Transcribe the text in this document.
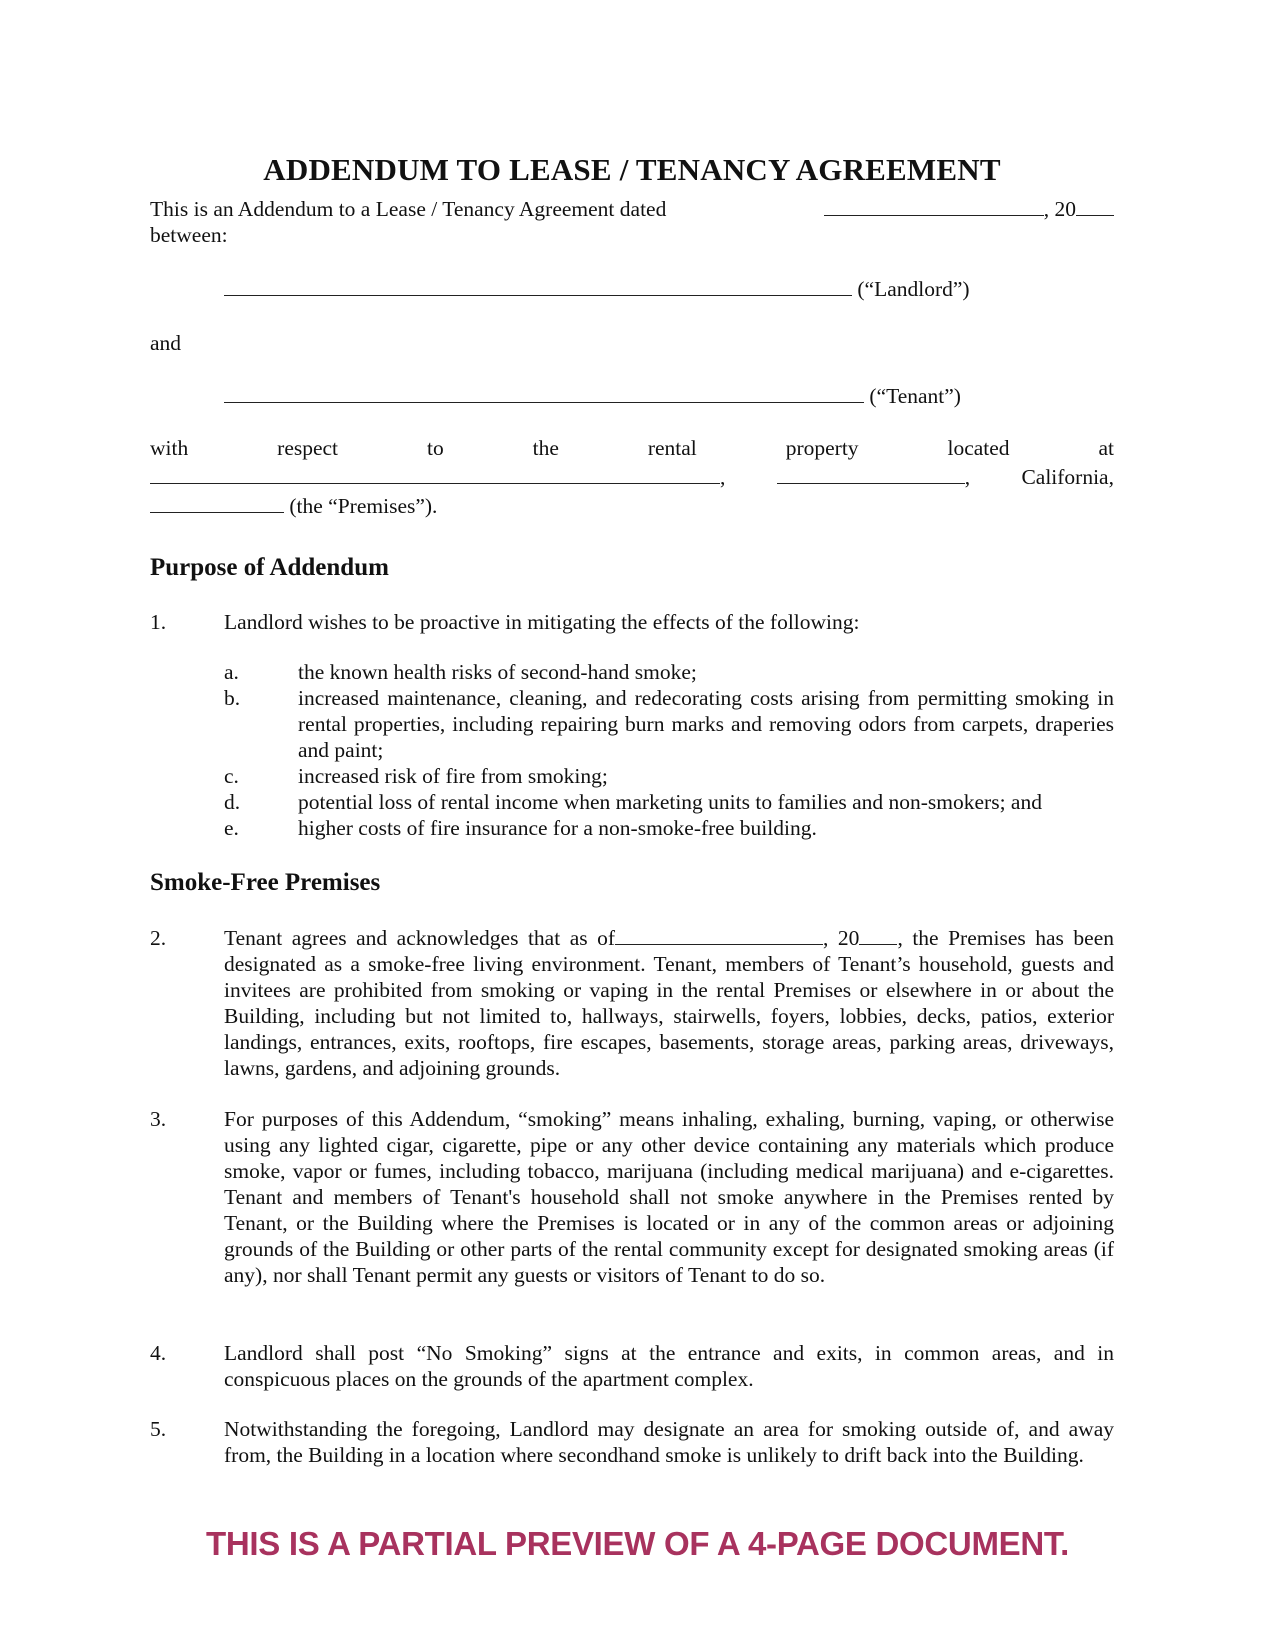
ADDENDUM TO LEASE / TENANCY AGREEMENT
This is an Addendum to a Lease / Tenancy Agreement dated	, 20
between:
(“Landlord”)
and
(“Tenant”)
with	respect	to	the	rental	property	located	at
,	, California,
(the “Premises”).
Purpose of Addendum
1.	Landlord wishes to be proactive in mitigating the effects of the following:
a.	the known health risks of second-hand smoke;
b.	increased maintenance, cleaning, and redecorating costs arising from permitting smoking in rental properties, including repairing burn marks and removing odors from carpets, draperies and paint;
c.	increased risk of fire from smoking;
d.	potential loss of rental income when marketing units to families and non-smokers; and
e.	higher costs of fire insurance for a non-smoke-free building.
Smoke-Free Premises
2.	Tenant agrees and acknowledges that as of	, 20 , the Premises has been designated as a smoke-free living environment. Tenant, members of Tenant’s household, guests and invitees are prohibited from smoking or vaping in the rental Premises or elsewhere in or about the Building, including but not limited to, hallways, stairwells, foyers, lobbies, decks, patios, exterior landings, entrances, exits, rooftops, fire escapes, basements, storage areas, parking areas, driveways, lawns, gardens, and adjoining grounds.
3.	For purposes of this Addendum, “smoking” means inhaling, exhaling, burning, vaping, or otherwise using any lighted cigar, cigarette, pipe or any other device containing any materials which produce smoke, vapor or fumes, including tobacco, marijuana (including medical marijuana) and e-cigarettes. Tenant and members of Tenant's household shall not smoke anywhere in the Premises rented by Tenant, or the Building where the Premises is located or in any of the common areas or adjoining grounds of the Building or other parts of the rental community except for designated smoking areas (if any), nor shall Tenant permit any guests or visitors of Tenant to do so.
4.	Landlord shall post “No Smoking” signs at the entrance and exits, in common areas, and in conspicuous places on the grounds of the apartment complex.
5.	Notwithstanding the foregoing, Landlord may designate an area for smoking outside of, and away from, the Building in a location where secondhand smoke is unlikely to drift back into the Building.
THIS IS A PARTIAL PREVIEW OF A 4-PAGE DOCUMENT.
